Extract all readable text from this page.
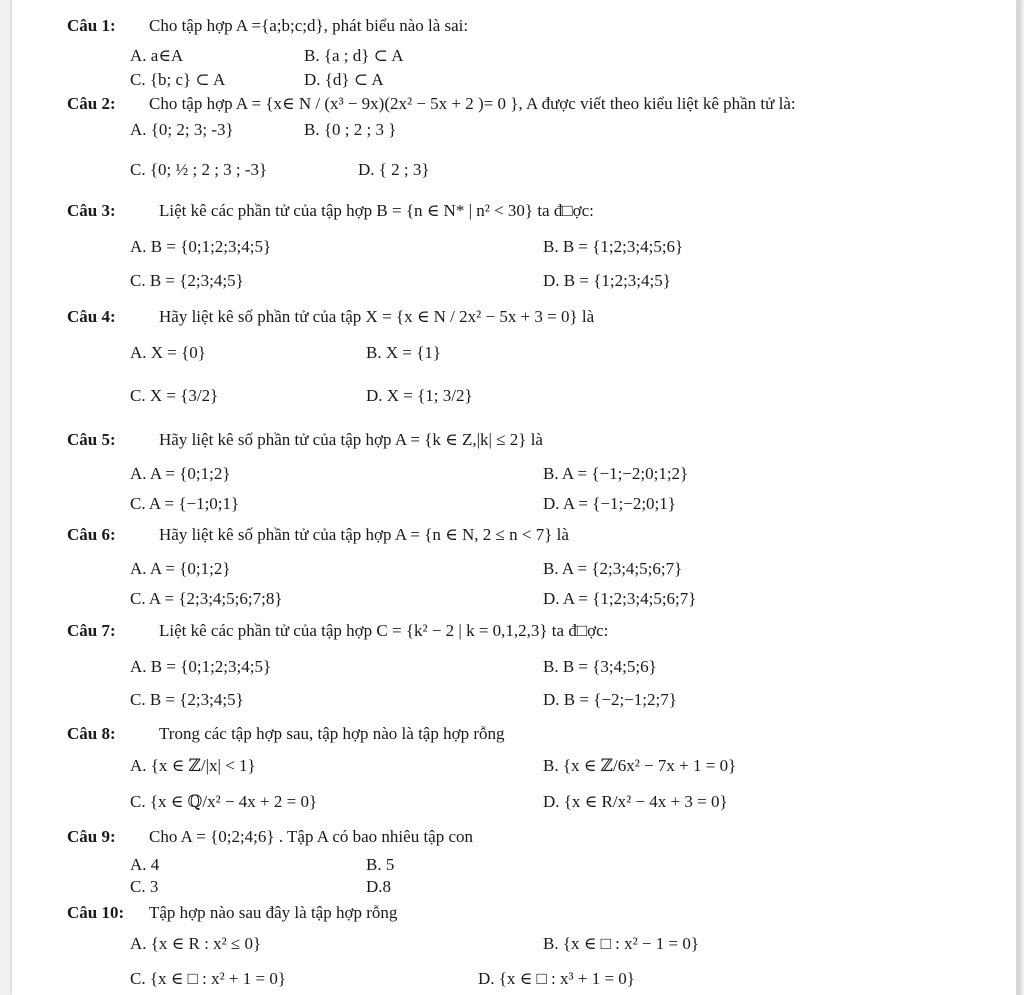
Câu 1: Cho tập hợp A ={a;b;c;d}, phát biểu nào là sai:
A. a∈A	B. {a ; d} ⊂ A
C. {b; c} ⊂ A	D. {d} ⊂ A
Câu 2: Cho tập hợp A = {x∈ N / (x³ − 9x)(2x² − 5x + 2 )= 0 }, A được viết theo kiểu liệt kê phần tử là:
A. {0; 2; 3; -3}	B. {0 ; 2 ; 3 }
C. {0; ½ ; 2 ; 3 ; -3}	D. { 2 ; 3}
Câu 3:	Liệt kê các phần tử của tập hợp B = {n ∈ N* | n² < 30} ta đ□ợc:
A. B = {0;1;2;3;4;5}	B. B = {1;2;3;4;5;6}
C. B = {2;3;4;5}	D. B = {1;2;3;4;5}
Câu 4:	Hãy liệt kê số phần tử của tập X = {x ∈ N / 2x² − 5x + 3 = 0} là
A. X = {0}	B. X = {1}
C. X = {3/2}	D. X = {1; 3/2}
Câu 5:	Hãy liệt kê số phần tử của tập hợp A = {k ∈ Z,|k| ≤ 2} là
A. A = {0;1;2}	B. A = {−1;−2;0;1;2}
C. A = {−1;0;1}	D. A = {−1;−2;0;1}
Câu 6:	Hãy liệt kê số phần tử của tập hợp A = {n ∈ N, 2 ≤ n < 7} là
A. A = {0;1;2}	B. A = {2;3;4;5;6;7}
C. A = {2;3;4;5;6;7;8}	D. A = {1;2;3;4;5;6;7}
Câu 7:	Liệt kê các phần tử của tập hợp C = {k² − 2 | k = 0,1,2,3} ta đ□ợc:
A. B = {0;1;2;3;4;5}	B. B = {3;4;5;6}
C. B = {2;3;4;5}	D. B = {−2;−1;2;7}
Câu 8:	Trong các tập hợp sau, tập hợp nào là tập hợp rỗng
A. {x ∈ ℤ/|x| < 1}	B. {x ∈ ℤ/6x² − 7x + 1 = 0}
C. {x ∈ ℚ/x² − 4x + 2 = 0}	D. {x ∈ R/x² − 4x + 3 = 0}
Câu 9: Cho A = {0;2;4;6} . Tập A có bao nhiêu tập con
A. 4	B. 5
C. 3	D.8
Câu 10: Tập hợp nào sau đây là tập hợp rỗng
A. {x ∈ R : x² ≤ 0}	B. {x ∈ □ : x² − 1 = 0}
C. {x ∈ □ : x² + 1 = 0}	D. {x ∈ □ : x³ + 1 = 0}
